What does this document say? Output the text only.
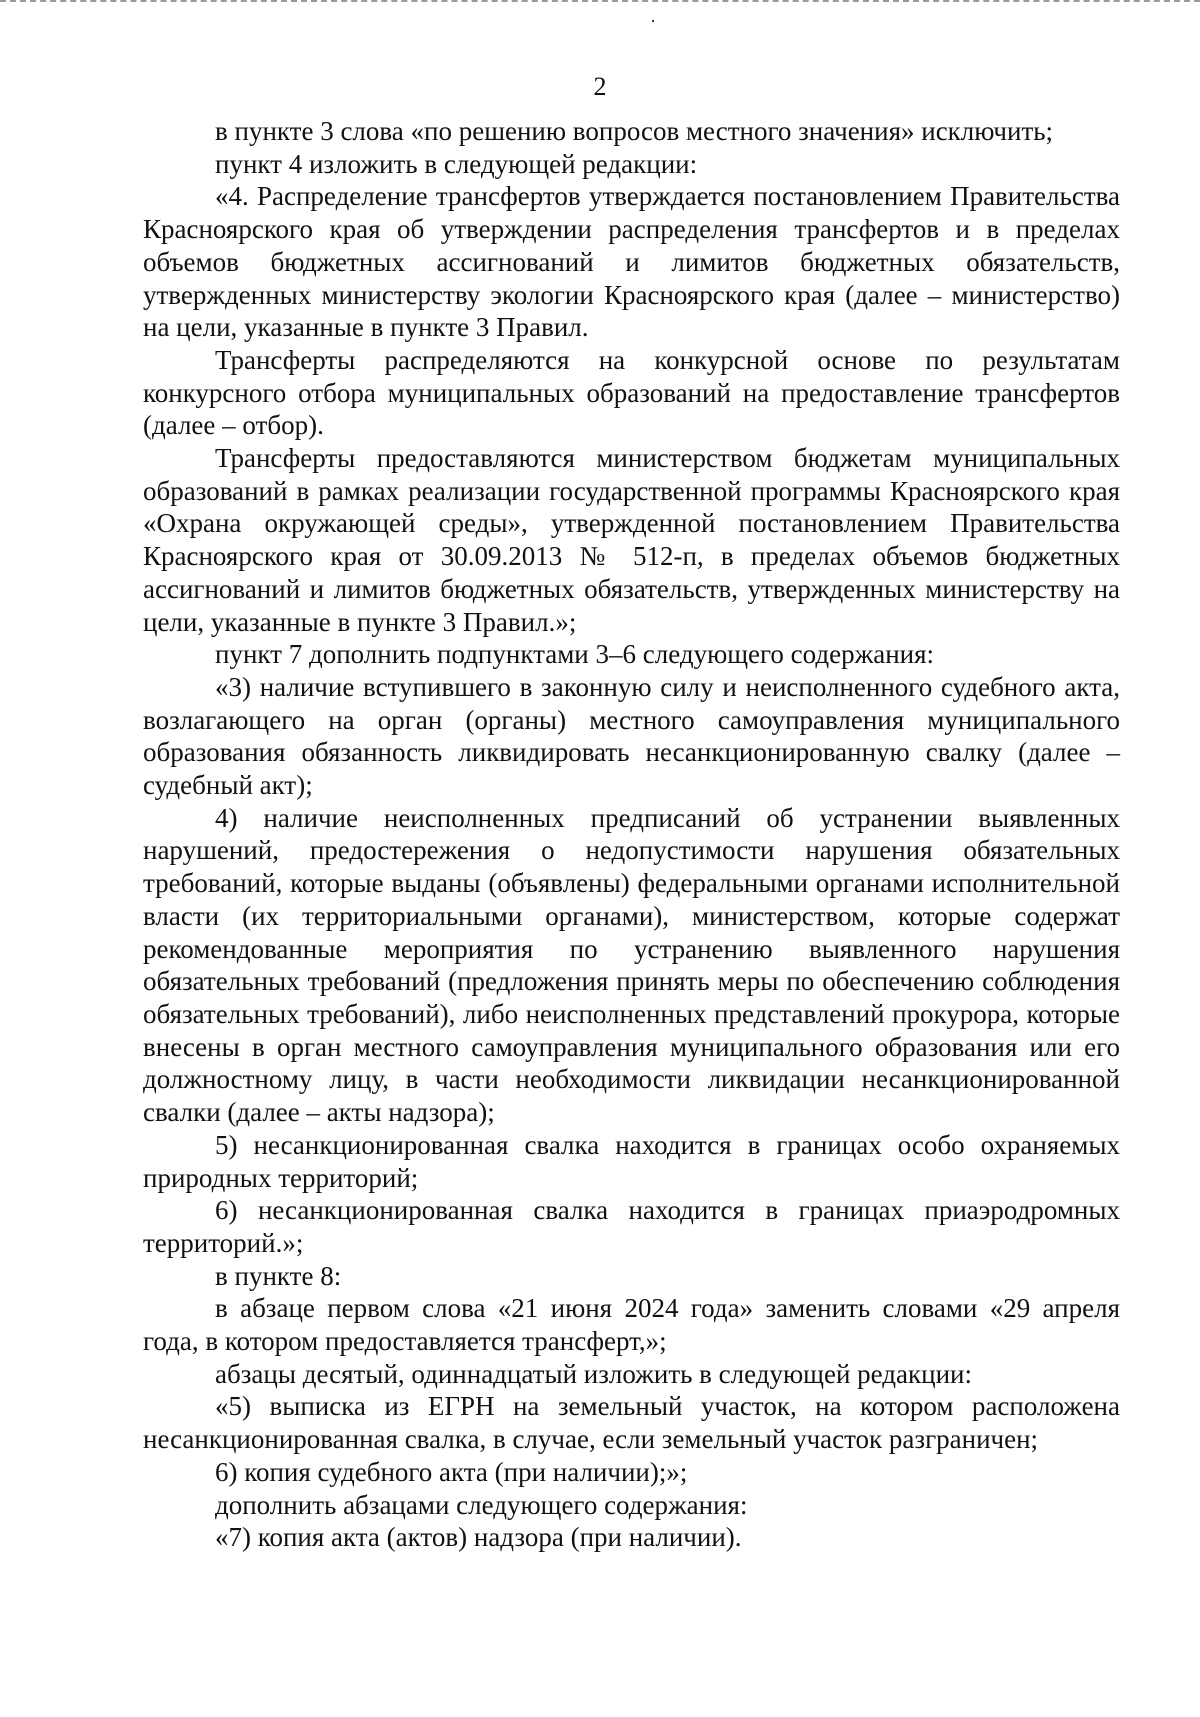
2

в пункте 3 слова «по решению вопросов местного значения» исключить;

пункт 4 изложить в следующей редакции:

«4. Распределение трансфертов утверждается постановлением Правительства Красноярского края об утверждении распределения трансфертов и в пределах объемов бюджетных ассигнований и лимитов бюджетных обязательств, утвержденных министерству экологии Красноярского края (далее – министерство) на цели, указанные в пункте 3 Правил.

Трансферты распределяются на конкурсной основе по результатам конкурсного отбора муниципальных образований на предоставление трансфертов (далее – отбор).

Трансферты предоставляются министерством бюджетам муниципальных образований в рамках реализации государственной программы Красноярского края «Охрана окружающей среды», утвержденной постановлением Правительства Красноярского края от 30.09.2013 № 512-п, в пределах объемов бюджетных ассигнований и лимитов бюджетных обязательств, утвержденных министерству на цели, указанные в пункте 3 Правил.»;

пункт 7 дополнить подпунктами 3–6 следующего содержания:

«3) наличие вступившего в законную силу и неисполненного судебного акта, возлагающего на орган (органы) местного самоуправления муниципального образования обязанность ликвидировать несанкционированную свалку (далее – судебный акт);

4) наличие неисполненных предписаний об устранении выявленных нарушений, предостережения о недопустимости нарушения обязательных требований, которые выданы (объявлены) федеральными органами исполнительной власти (их территориальными органами), министерством, которые содержат рекомендованные мероприятия по устранению выявленного нарушения обязательных требований (предложения принять меры по обеспечению соблюдения обязательных требований), либо неисполненных представлений прокурора, которые внесены в орган местного самоуправления муниципального образования или его должностному лицу, в части необходимости ликвидации несанкционированной свалки (далее – акты надзора);

5) несанкционированная свалка находится в границах особо охраняемых природных территорий;

6) несанкционированная свалка находится в границах приаэродромных территорий.»;

в пункте 8:

в абзаце первом слова «21 июня 2024 года» заменить словами «29 апреля года, в котором предоставляется трансферт,»;

абзацы десятый, одиннадцатый изложить в следующей редакции:

«5) выписка из ЕГРН на земельный участок, на котором расположена несанкционированная свалка, в случае, если земельный участок разграничен;

6) копия судебного акта (при наличии);»;

дополнить абзацами следующего содержания:

«7) копия акта (актов) надзора (при наличии).
